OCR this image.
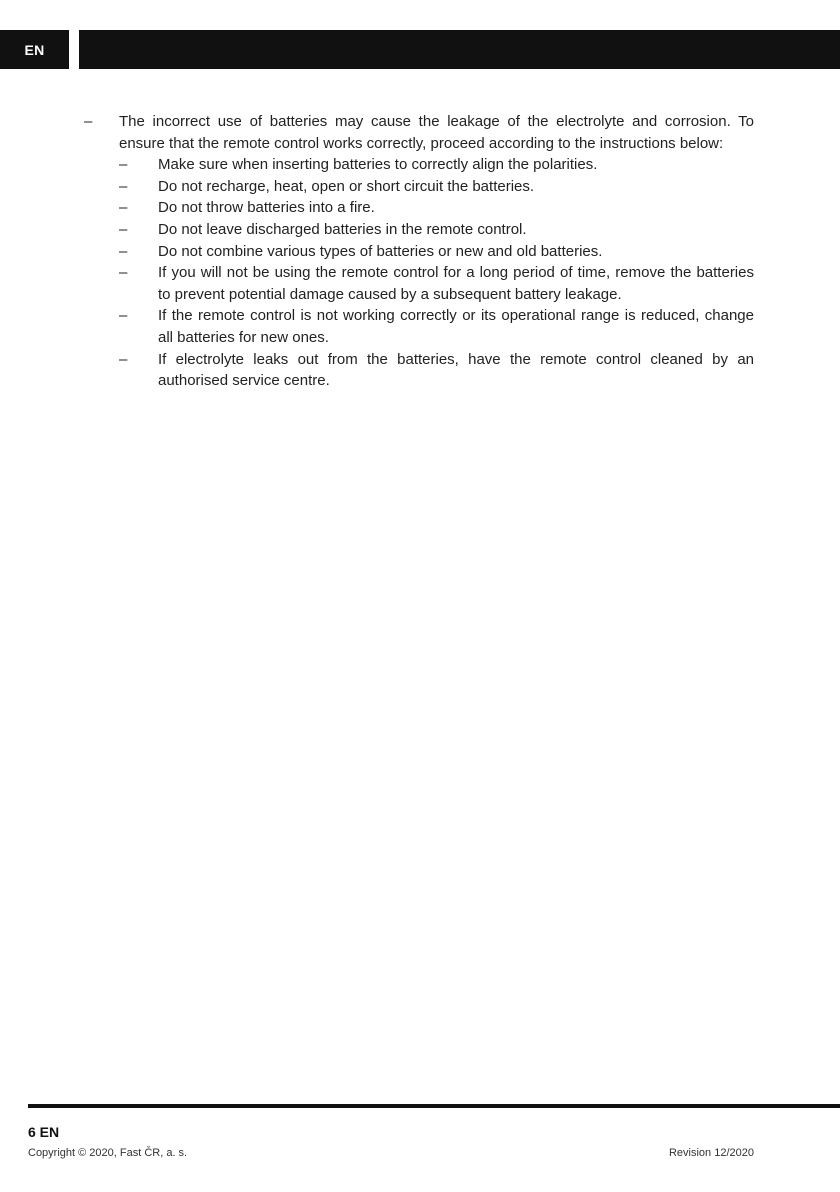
EN
– The incorrect use of batteries may cause the leakage of the electrolyte and corrosion. To ensure that the remote control works correctly, proceed according to the instructions below:
– Make sure when inserting batteries to correctly align the polarities.
– Do not recharge, heat, open or short circuit the batteries.
– Do not throw batteries into a fire.
– Do not leave discharged batteries in the remote control.
– Do not combine various types of batteries or new and old batteries.
– If you will not be using the remote control for a long period of time, remove the batteries to prevent potential damage caused by a subsequent battery leakage.
– If the remote control is not working correctly or its operational range is reduced, change all batteries for new ones.
– If electrolyte leaks out from the batteries, have the remote control cleaned by an authorised service centre.
6 EN
Copyright © 2020, Fast ČR, a. s.	Revision 12/2020
